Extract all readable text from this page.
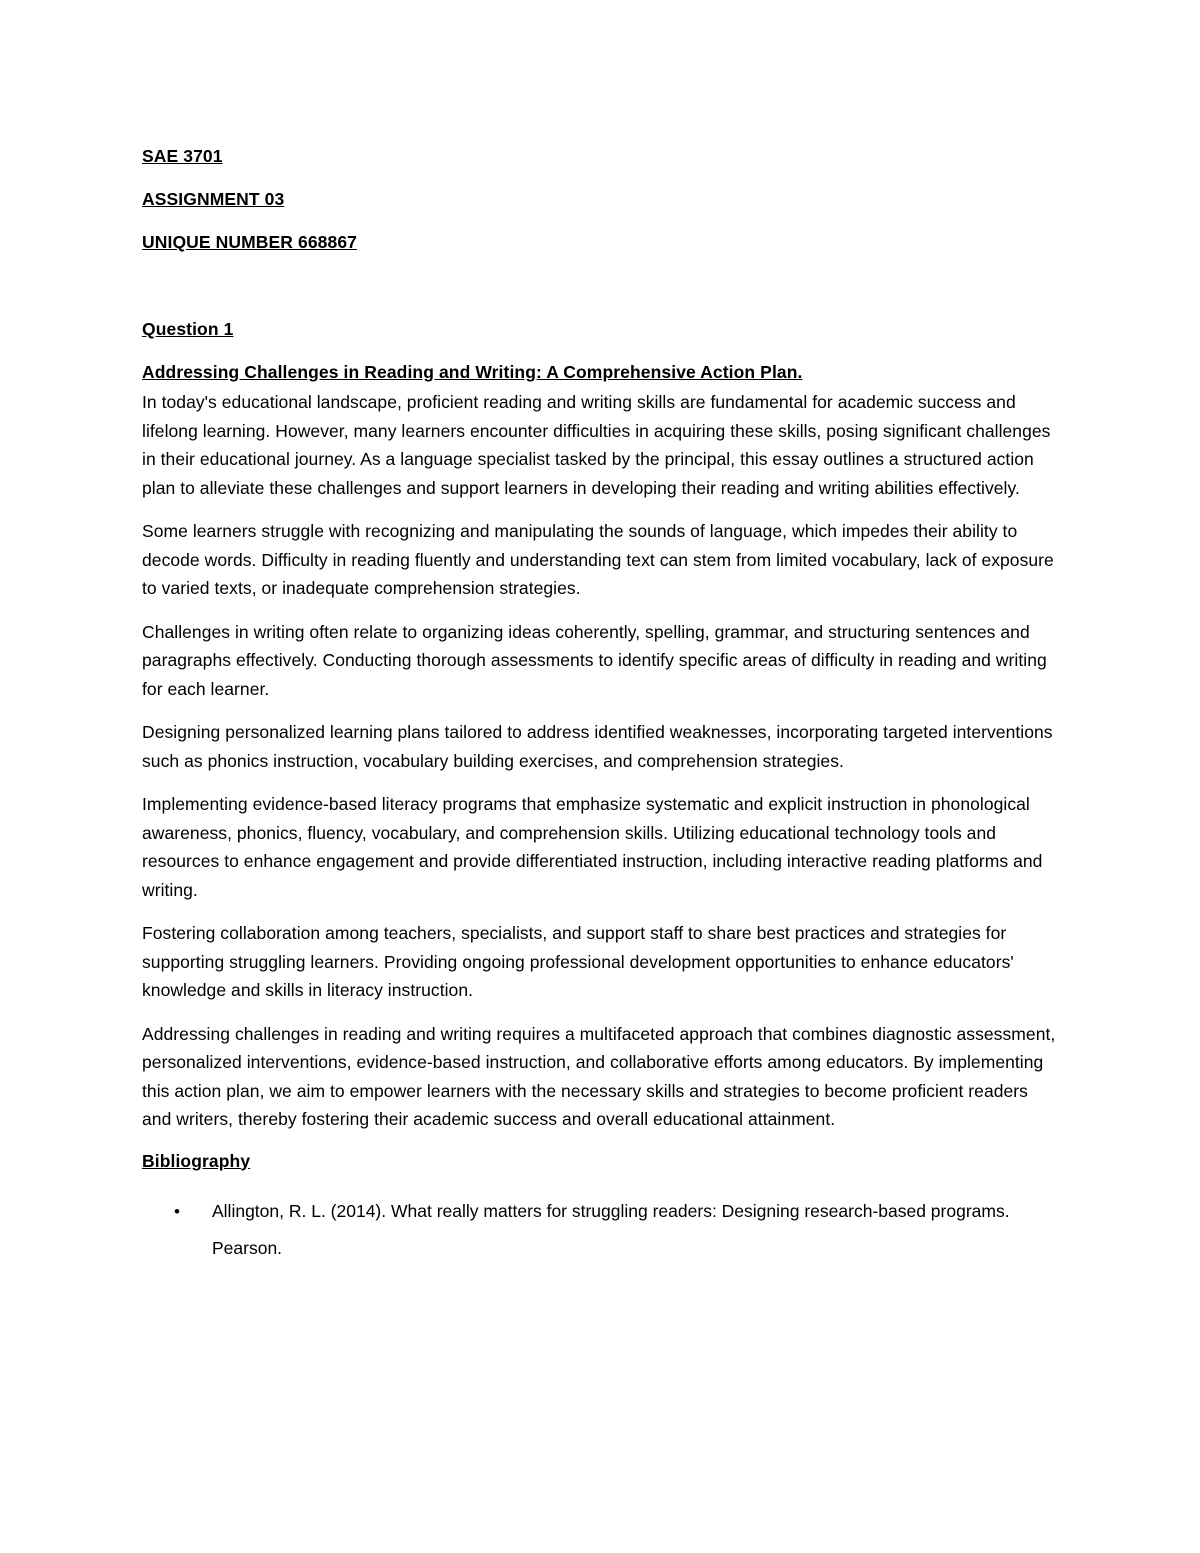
SAE 3701

ASSIGNMENT 03

UNIQUE NUMBER 668867

Question 1

Addressing Challenges in Reading and Writing: A Comprehensive Action Plan.

In today's educational landscape, proficient reading and writing skills are fundamental for academic success and lifelong learning. However, many learners encounter difficulties in acquiring these skills, posing significant challenges in their educational journey. As a language specialist tasked by the principal, this essay outlines a structured action plan to alleviate these challenges and support learners in developing their reading and writing abilities effectively.

Some learners struggle with recognizing and manipulating the sounds of language, which impedes their ability to decode words. Difficulty in reading fluently and understanding text can stem from limited vocabulary, lack of exposure to varied texts, or inadequate comprehension strategies.

Challenges in writing often relate to organizing ideas coherently, spelling, grammar, and structuring sentences and paragraphs effectively. Conducting thorough assessments to identify specific areas of difficulty in reading and writing for each learner.

Designing personalized learning plans tailored to address identified weaknesses, incorporating targeted interventions such as phonics instruction, vocabulary building exercises, and comprehension strategies.

Implementing evidence-based literacy programs that emphasize systematic and explicit instruction in phonological awareness, phonics, fluency, vocabulary, and comprehension skills. Utilizing educational technology tools and resources to enhance engagement and provide differentiated instruction, including interactive reading platforms and writing.

Fostering collaboration among teachers, specialists, and support staff to share best practices and strategies for supporting struggling learners. Providing ongoing professional development opportunities to enhance educators' knowledge and skills in literacy instruction.

Addressing challenges in reading and writing requires a multifaceted approach that combines diagnostic assessment, personalized interventions, evidence-based instruction, and collaborative efforts among educators. By implementing this action plan, we aim to empower learners with the necessary skills and strategies to become proficient readers and writers, thereby fostering their academic success and overall educational attainment.

Bibliography

• Allington, R. L. (2014). What really matters for struggling readers: Designing research-based programs. Pearson.
